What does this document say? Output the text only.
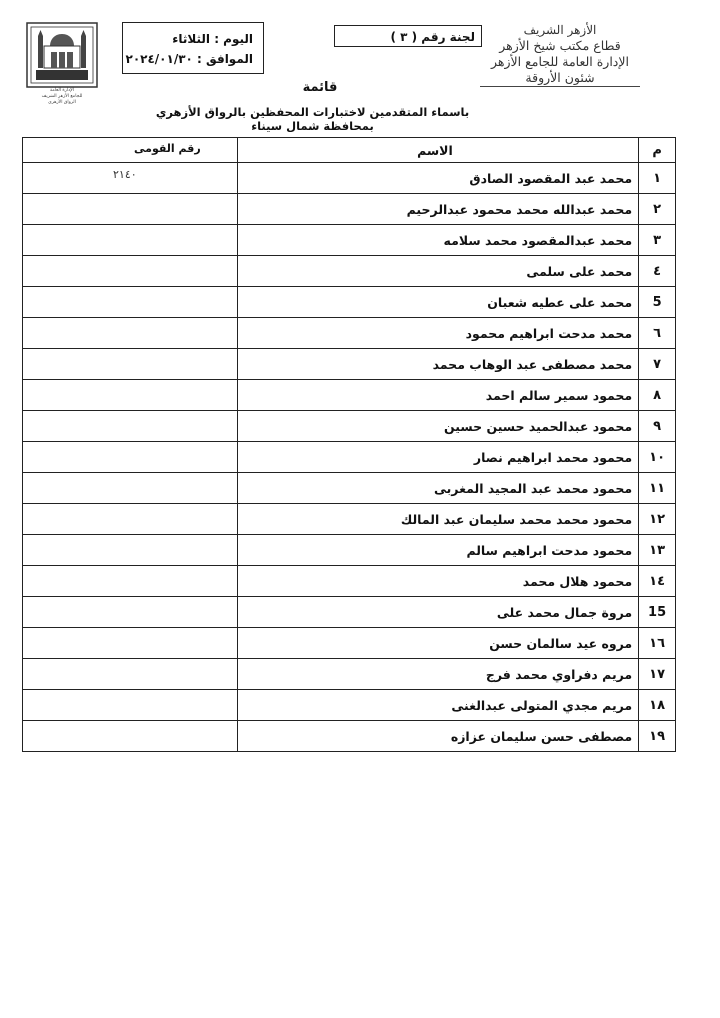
الأزهر الشريف
قطاع مكتب شيخ الأزهر
الإدارة العامة للجامع الأزهر
شئون الأروقة
لجنة رقم ( ٣ )
اليوم : الثلاثاء
الموافق : ٢٠٢٤/٠١/٣٠
الإدارة العامة
للجامع الأزهر الشريف
الرواق الأزهري
قائمة
باسماء المتقدمين لاختبارات المحفظين بالرواق الأزهري بمحافظة شمال سيناء
رقم القومى	الاسم	م

٢١٤٠	محمد عبد المقصود الصادق	١

	محمد عبدالله محمد محمود عبدالرحيم	٢

	محمد عبدالمقصود محمد سلامه	٣

	محمد على سلمى	٤

	محمد على عطيه شعبان	5

	محمد مدحت ابراهيم محمود	٦

	محمد مصطفى عبد الوهاب محمد	٧

	محمود سمير سالم احمد	٨

	محمود عبدالحميد حسين حسين	٩

	محمود محمد ابراهيم نصار	١٠

	محمود محمد عبد المجيد المغربى	١١

	محمود محمد محمد سليمان عبد المالك	١٢

	محمود مدحت ابراهيم سالم	١٣

	محمود هلال محمد	١٤

	مروة جمال محمد على	15

	مروه عيد سالمان حسن	١٦

	مريم دفراوي محمد فرج	١٧

	مريم مجدي المتولى عبدالغنى	١٨

	مصطفى حسن سليمان عزازه	١٩
